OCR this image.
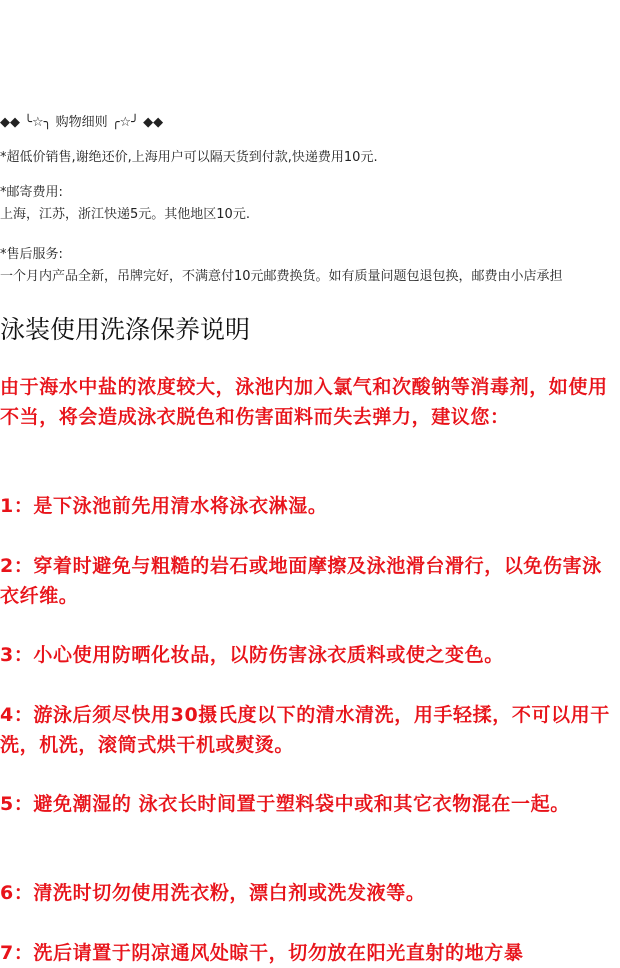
◆◆ ╰☆╮ 购物细则 ╭☆╯ ◆◆
*超低价销售,谢绝还价,上海用户可以隔天货到付款,快递费用10元.
*邮寄费用:
上海，江苏，浙江快递5元。其他地区10元.
*售后服务:
一个月内产品全新，吊牌完好，不满意付10元邮费换货。如有质量问题包退包换，邮费由小店承担
泳装使用洗涤保养说明
由于海水中盐的浓度较大，泳池内加入氯气和次酸钠等消毒剂，如使用不当，将会造成泳衣脱色和伤害面料而失去弹力，建议您：
1：是下泳池前先用清水将泳衣淋湿。
2：穿着时避免与粗糙的岩石或地面摩擦及泳池滑台滑行，以免伤害泳衣纤维。
3：小心使用防晒化妆品，以防伤害泳衣质料或使之变色。
4：游泳后须尽快用30摄氏度以下的清水清洗，用手轻揉，不可以用干洗，机洗，滚筒式烘干机或熨烫。
5：避免潮湿的 泳衣长时间置于塑料袋中或和其它衣物混在一起。
6：清洗时切勿使用洗衣粉，漂白剂或洗发液等。
7：洗后请置于阴凉通风处晾干，切勿放在阳光直射的地方暴
